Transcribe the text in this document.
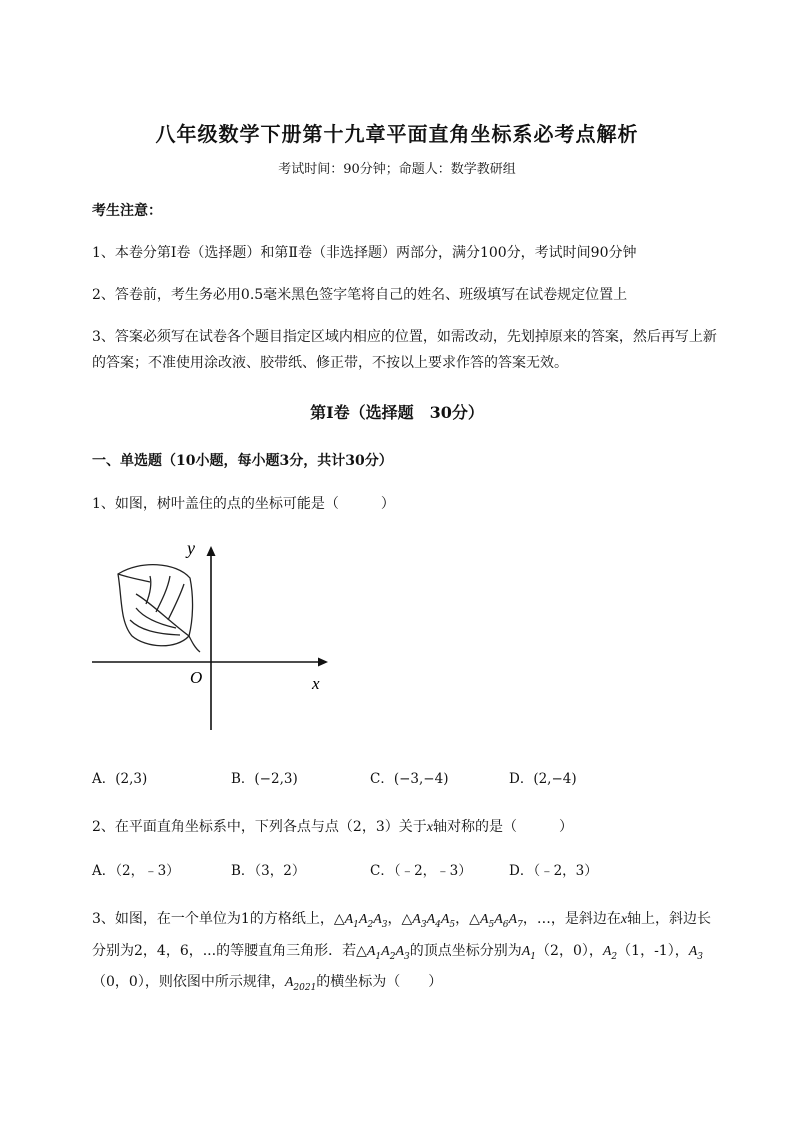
八年级数学下册第十九章平面直角坐标系必考点解析
考试时间：90分钟；命题人：数学教研组
考生注意：
1、本卷分第I卷（选择题）和第Ⅱ卷（非选择题）两部分，满分100分，考试时间90分钟
2、答卷前，考生务必用0.5毫米黑色签字笔将自己的姓名、班级填写在试卷规定位置上
3、答案必须写在试卷各个题目指定区域内相应的位置，如需改动，先划掉原来的答案，然后再写上新
的答案；不准使用涂改液、胶带纸、修正带，不按以上要求作答的答案无效。
第I卷（选择题　30分）
一、单选题（10小题，每小题3分，共计30分）
1、如图，树叶盖住的点的坐标可能是（　　　）
y
x
O
A．(2,3)	B．(−2,3)	C．(−3,−4)	D．(2,−4)
2、在平面直角坐标系中，下列各点与点（2，3）关于x轴对称的是（　　　）
A．（2，﹣3）	B．（3，2）	C．（﹣2，﹣3）	D．（﹣2，3）
3、如图，在一个单位为1的方格纸上，$\triangle A_1A_2A_3$，$\triangle A_3A_4A_5$，$\triangle A_5A_6A_7$，…，是斜边在x轴上，斜边长
分别为2，4，6，...的等腰直角三角形．若$\triangle A_1A_2A_3$的顶点坐标分别为$A_1(2$，0），$A_2(1$，-1），$A_3$
（0，0），则依图中所示规律，$A_{2021}$的横坐标为（　　）
